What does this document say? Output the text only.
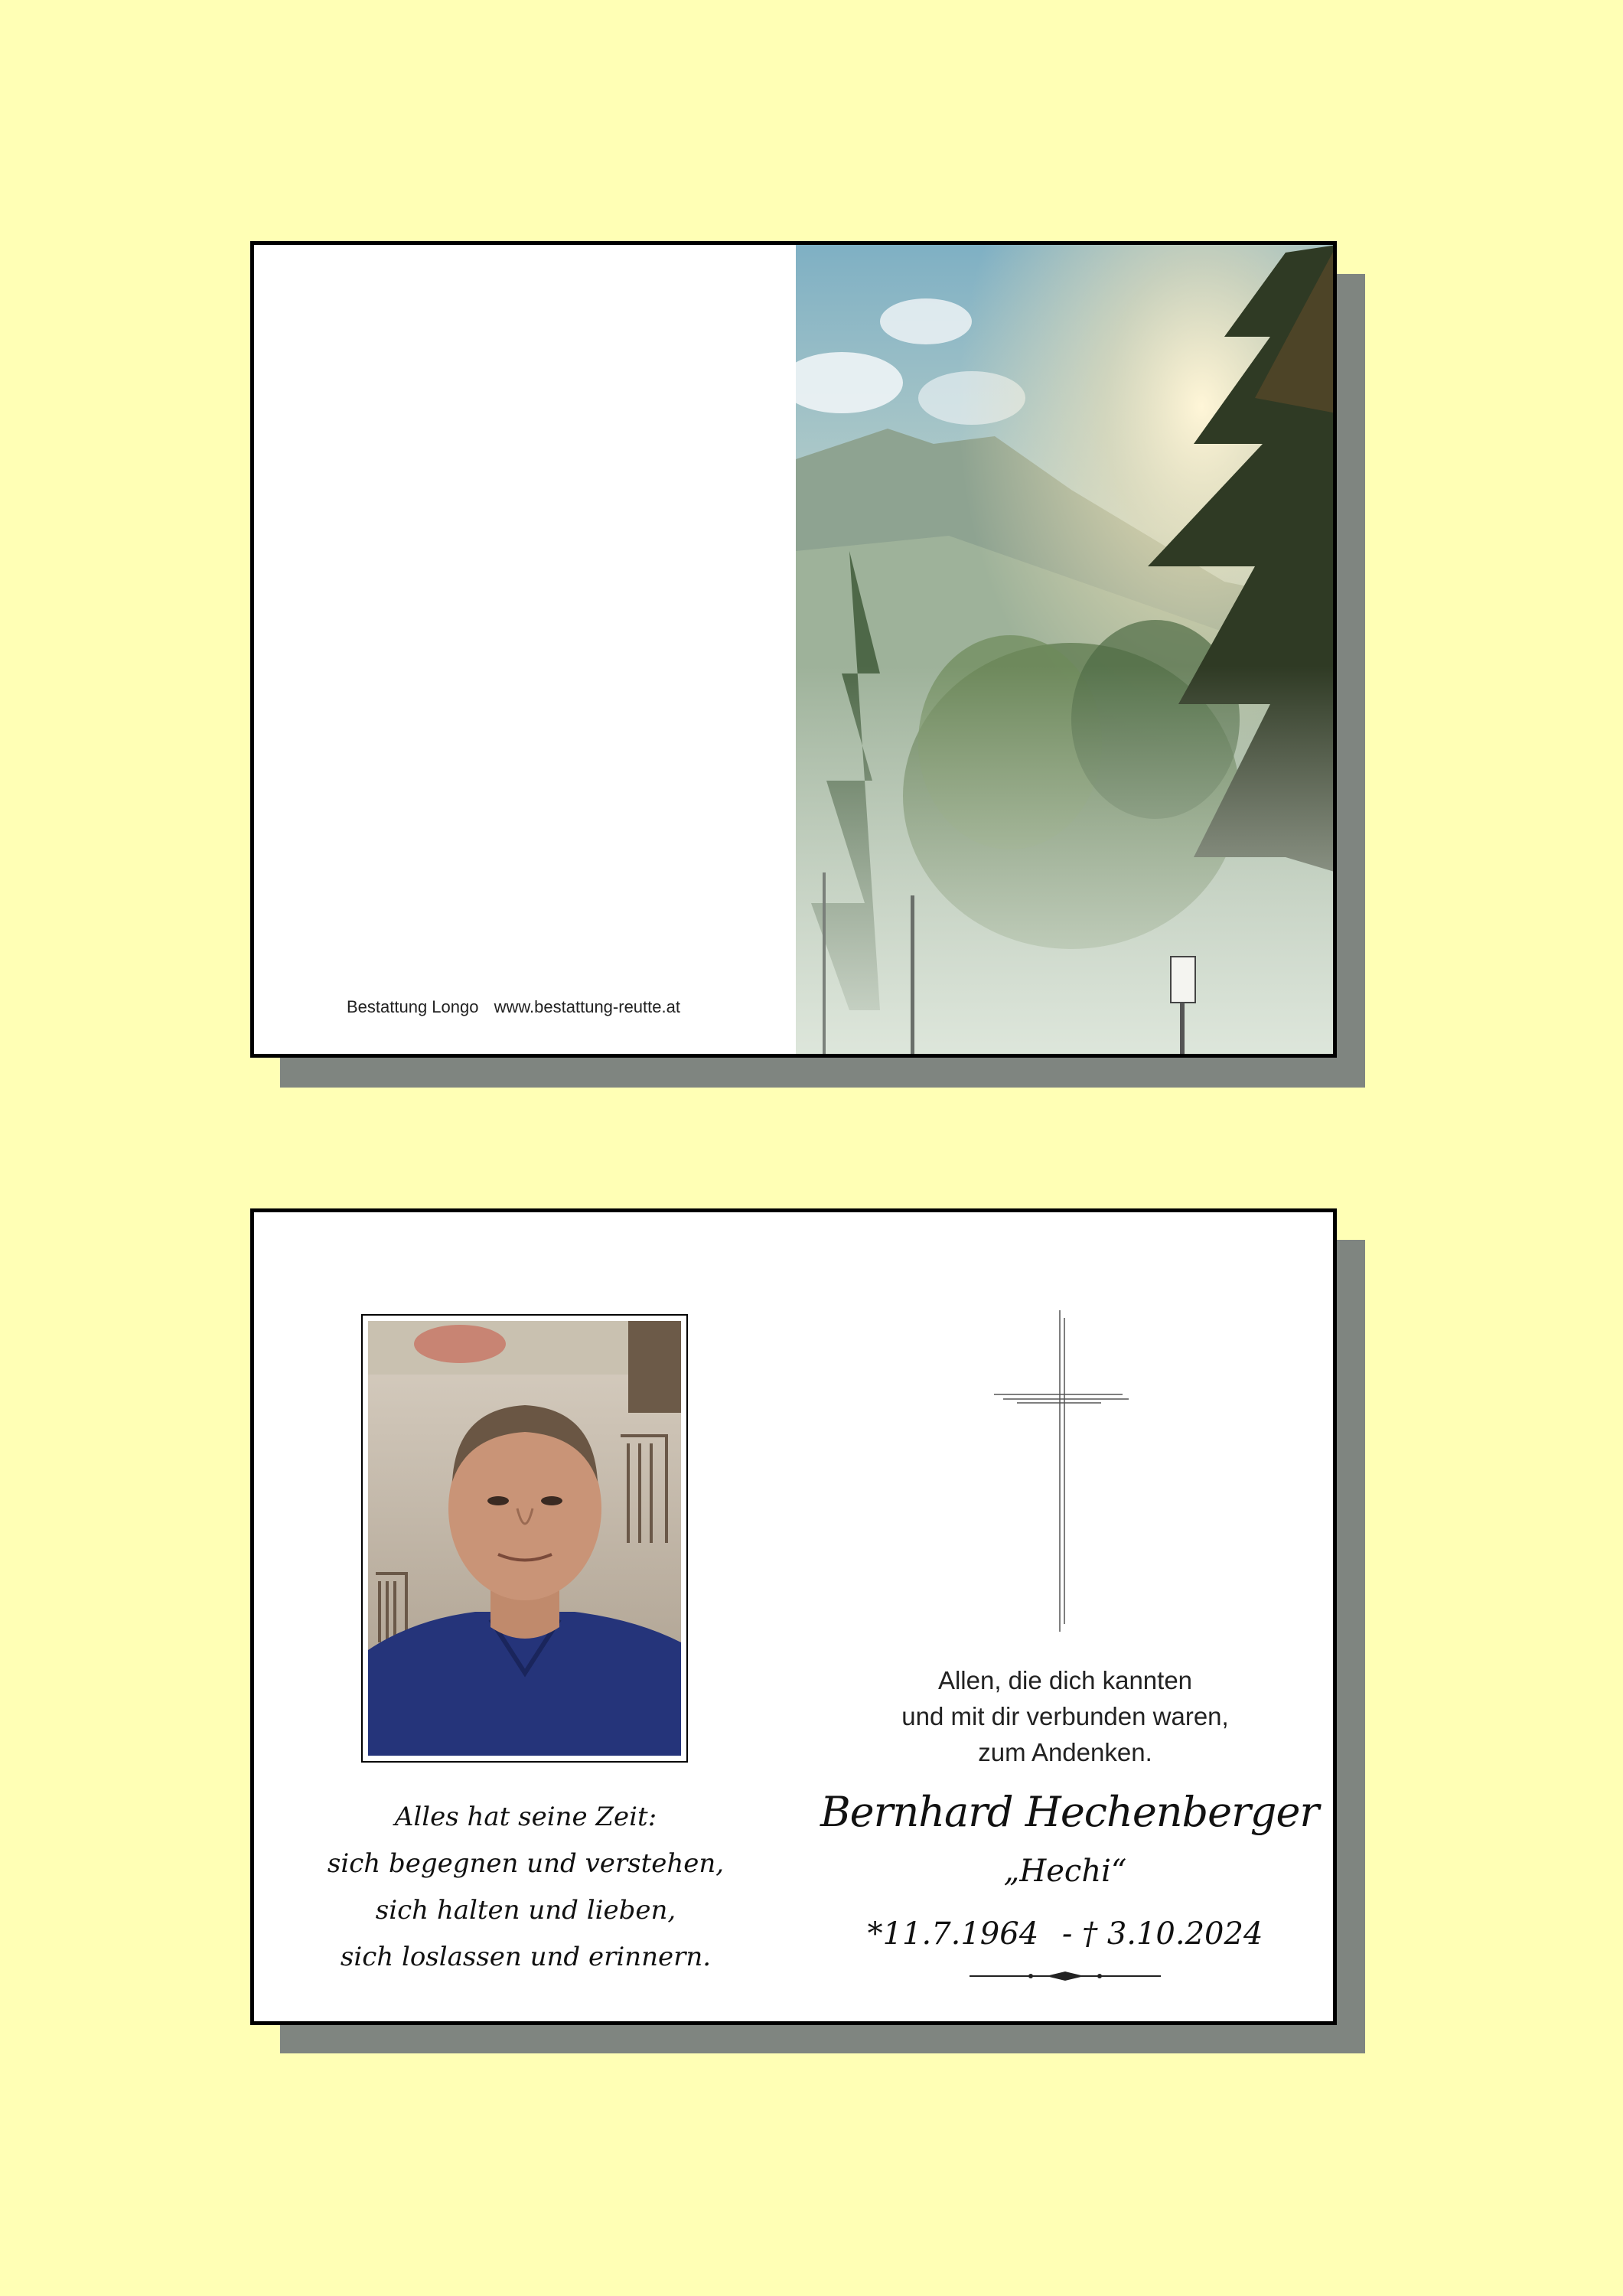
Bestattung Longo www.bestattung-reutte.at
Alles hat seine Zeit:
sich begegnen und verstehen,
sich halten und lieben,
sich loslassen und erinnern.
Allen, die dich kannten
und mit dir verbunden waren,
zum Andenken.
Bernhard Hechenberger
„Hechi“
*11.7.1964 - † 3.10.2024
